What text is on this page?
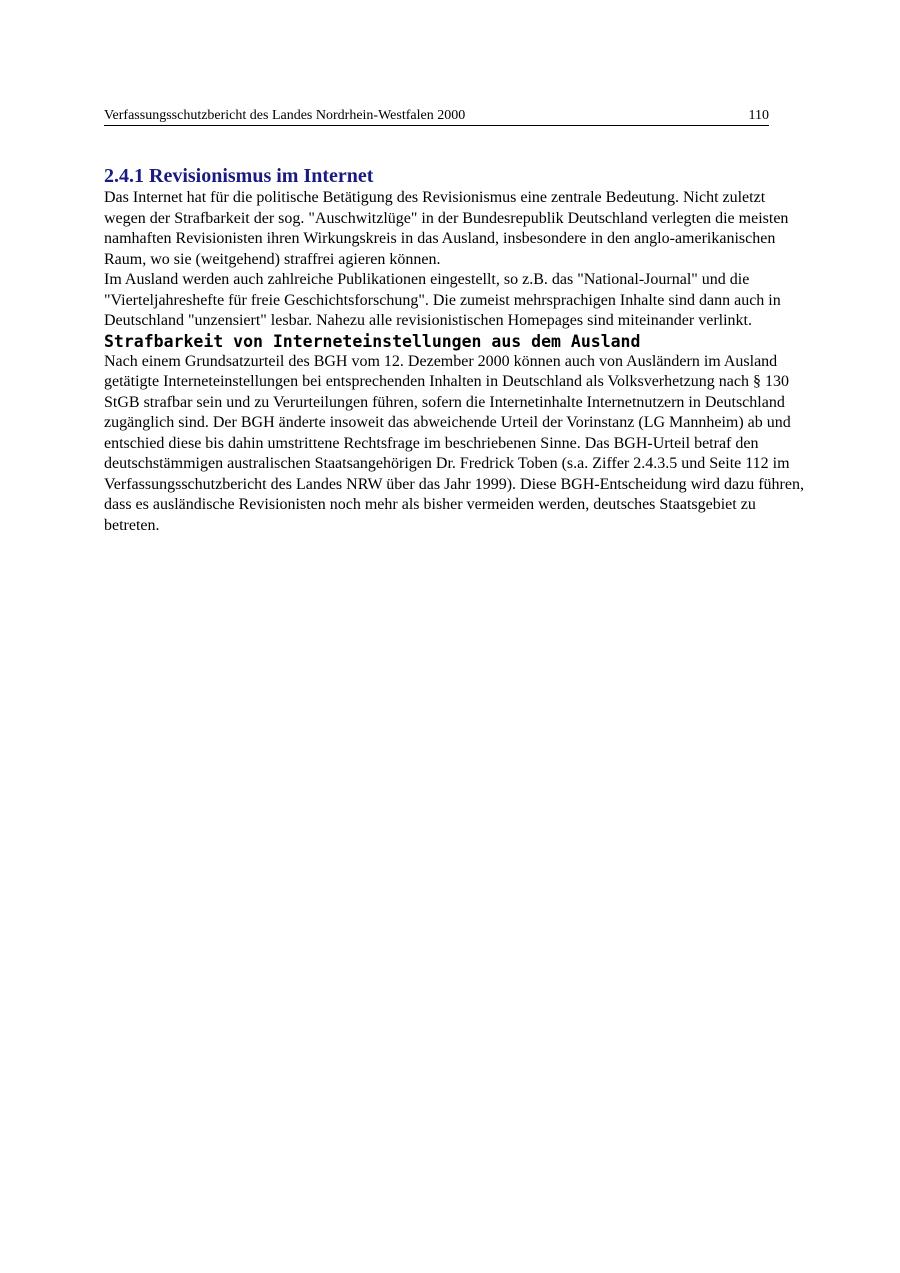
Verfassungsschutzbericht des Landes Nordrhein-Westfalen 2000	110
2.4.1 Revisionismus im Internet

Das Internet hat für die politische Betätigung des Revisionismus eine zentrale Bedeutung. Nicht zuletzt wegen der Strafbarkeit der sog. "Auschwitzlüge" in der Bundesrepublik Deutschland verlegten die meisten namhaften Revisionisten ihren Wirkungskreis in das Ausland, insbesondere in den anglo-amerikanischen Raum, wo sie (weitgehend) straffrei agieren können.

Im Ausland werden auch zahlreiche Publikationen eingestellt, so z.B. das "National-Journal" und die "Vierteljahreshefte für freie Geschichtsforschung". Die zumeist mehrsprachigen Inhalte sind dann auch in Deutschland "unzensiert" lesbar. Nahezu alle revisionistischen Homepages sind miteinander verlinkt.

Strafbarkeit von Interneteinstellungen aus dem Ausland

Nach einem Grundsatzurteil des BGH vom 12. Dezember 2000 können auch von Ausländern im Ausland getätigte Interneteinstellungen bei entsprechenden Inhalten in Deutschland als Volksverhetzung nach § 130 StGB strafbar sein und zu Verurteilungen führen, sofern die Internetinhalte Internetnutzern in Deutschland zugänglich sind. Der BGH änderte insoweit das abweichende Urteil der Vorinstanz (LG Mannheim) ab und entschied diese bis dahin umstrittene Rechtsfrage im beschriebenen Sinne. Das BGH-Urteil betraf den deutschstämmigen australischen Staatsangehörigen Dr. Fredrick Toben (s.a. Ziffer 2.4.3.5 und Seite 112 im Verfassungsschutzbericht des Landes NRW über das Jahr 1999). Diese BGH-Entscheidung wird dazu führen, dass es ausländische Revisionisten noch mehr als bisher vermeiden werden, deutsches Staatsgebiet zu betreten.
